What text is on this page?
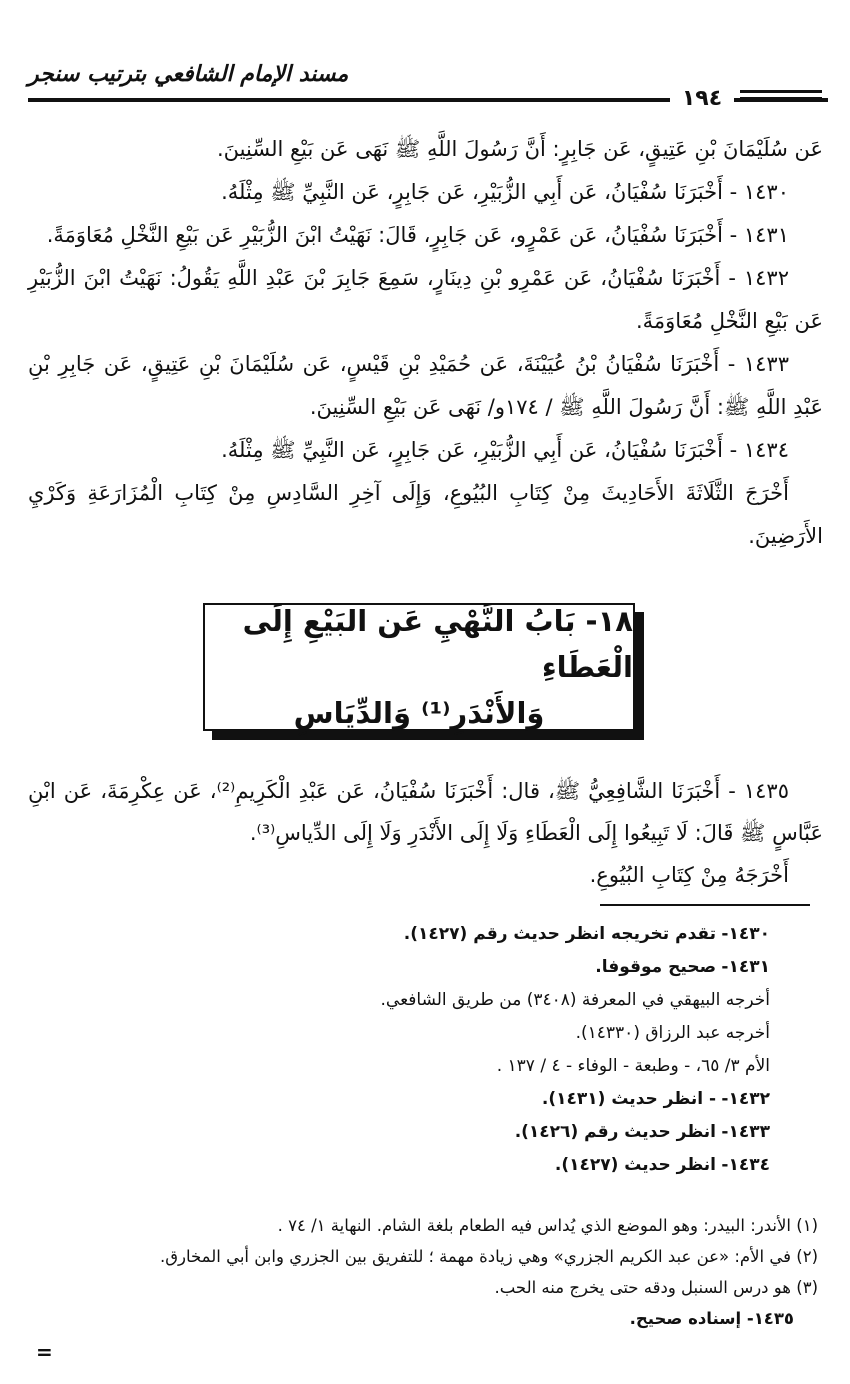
مسند الإمام الشافعي بترتيب سنجر
١٩٤

عَن سُلَيْمَانَ بْنِ عَتِيقٍ، عَن جَابِرٍ: أَنَّ رَسُولَ اللَّهِ ﷺ نَهَى عَن بَيْعِ السِّنِينَ.

١٤٣٠ - أَخْبَرَنَا سُفْيَانُ، عَن أَبِي الزُّبَيْرِ، عَن جَابِرٍ، عَن النَّبِيِّ ﷺ مِثْلَهُ.

١٤٣١ - أَخْبَرَنَا سُفْيَانُ، عَن عَمْرٍو، عَن جَابِرٍ، قَالَ: نَهَيْتُ ابْنَ الزُّبَيْرِ عَن بَيْعِ النَّخْلِ مُعَاوَمَةً.

١٤٣٢ - أَخْبَرَنَا سُفْيَانُ، عَن عَمْرِو بْنِ دِينَارٍ، سَمِعَ جَابِرَ بْنَ عَبْدِ اللَّهِ يَقُولُ: نَهَيْتُ ابْنَ الزُّبَيْرِ عَن بَيْعِ النَّخْلِ مُعَاوَمَةً.

١٤٣٣ - أَخْبَرَنَا سُفْيَانُ بْنُ عُيَيْنَةَ، عَن حُمَيْدِ بْنِ قَيْسٍ، عَن سُلَيْمَانَ بْنِ عَتِيقٍ، عَن جَابِرِ بْنِ عَبْدِ اللَّهِ ﷺ: أَنَّ رَسُولَ اللَّهِ ﷺ / ١٧٤و/ نَهَى عَن بَيْعِ السِّنِينَ.

١٤٣٤ - أَخْبَرَنَا سُفْيَانُ، عَن أَبِي الزُّبَيْرِ، عَن جَابِرٍ، عَن النَّبِيِّ ﷺ مِثْلَهُ.

أَخْرَجَ الثَّلَاثَةَ الأَحَادِيثَ مِنْ كِتَابِ البُيُوعِ، وَإِلَى آخِرِ السَّادِسِ مِنْ كِتَابِ الْمُزَارَعَةِ وَكَرْيِ الأَرَضِينَ.

١٨- بَابُ النَّهْيِ عَن البَيْعِ إِلَى الْعَطَاءِ
وَالأَنْدَرِ⁽¹⁾ وَالدِّيَاسِ

١٤٣٥ - أَخْبَرَنَا الشَّافِعِيُّ ﷺ، قال: أَخْبَرَنَا سُفْيَانُ، عَن عَبْدِ الْكَرِيمِ⁽²⁾، عَن عِكْرِمَةَ، عَن ابْنِ عَبَّاسٍ ﷺ قَالَ: لَا تَبِيعُوا إِلَى الْعَطَاءِ وَلَا إِلَى الأَنْدَرِ وَلَا إِلَى الدِّياسِ⁽³⁾.

أَخْرَجَهُ مِنْ كِتَابِ البُيُوعِ.

١٤٣٠- تقدم تخريجه انظر حديث رقم (١٤٢٧).

١٤٣١- صحيح موقوفا.

أخرجه البيهقي في المعرفة (٣٤٠٨) من طريق الشافعي.

أخرجه عبد الرزاق (١٤٣٣٠).

الأم ٣/ ٦٥، - وطبعة - الوفاء - ٤ / ١٣٧ .

١٤٣٢- - انظر حديث (١٤٣١).

١٤٣٣- انظر حديث رقم (١٤٢٦).

١٤٣٤- انظر حديث (١٤٢٧).

(١) الأندر: البيدر: وهو الموضع الذي يُداس فيه الطعام بلغة الشام. النهاية ١/ ٧٤ .

(٢) في الأم: «عن عبد الكريم الجزري» وهي زيادة مهمة ؛ للتفريق بين الجزري وابن أبي المخارق.

(٣) هو درس السنبل ودقه حتى يخرج منه الحب.

١٤٣٥- إسناده صحيح.

=
